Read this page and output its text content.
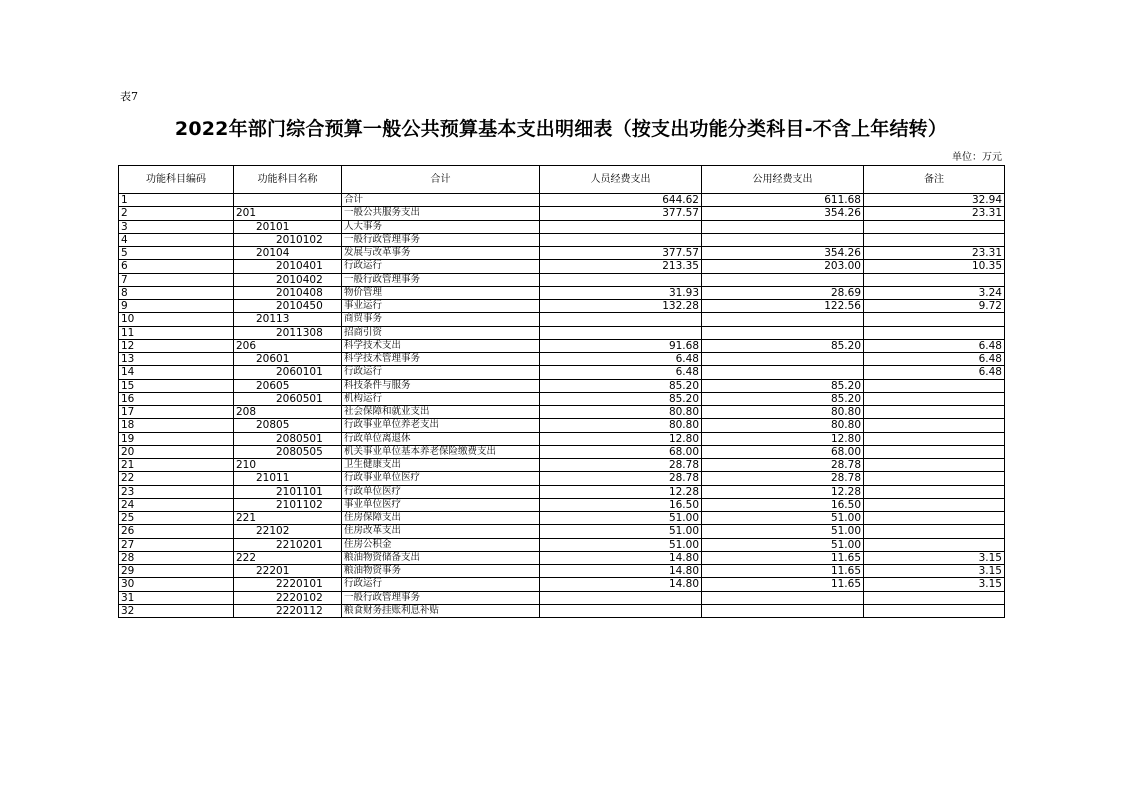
表7
2022年部门综合预算一般公共预算基本支出明细表（按支出功能分类科目-不含上年结转）
单位：万元
功能科目编码	功能科目名称	合计	人员经费支出	公用经费支出	备注
1		合计	644.62	611.68	32.94
2	201	一般公共服务支出	377.57	354.26	23.31
3	20101	人大事务			
4	2010102	一般行政管理事务			
5	20104	发展与改革事务	377.57	354.26	23.31
6	2010401	行政运行	213.35	203.00	10.35
7	2010402	一般行政管理事务			
8	2010408	物价管理	31.93	28.69	3.24
9	2010450	事业运行	132.28	122.56	9.72
10	20113	商贸事务			
11	2011308	招商引资			
12	206	科学技术支出	91.68	85.20	6.48
13	20601	科学技术管理事务	6.48		6.48
14	2060101	行政运行	6.48		6.48
15	20605	科技条件与服务	85.20	85.20	
16	2060501	机构运行	85.20	85.20	
17	208	社会保障和就业支出	80.80	80.80	
18	20805	行政事业单位养老支出	80.80	80.80	
19	2080501	行政单位离退休	12.80	12.80	
20	2080505	机关事业单位基本养老保险缴费支出	68.00	68.00	
21	210	卫生健康支出	28.78	28.78	
22	21011	行政事业单位医疗	28.78	28.78	
23	2101101	行政单位医疗	12.28	12.28	
24	2101102	事业单位医疗	16.50	16.50	
25	221	住房保障支出	51.00	51.00	
26	22102	住房改革支出	51.00	51.00	
27	2210201	住房公积金	51.00	51.00	
28	222	粮油物资储备支出	14.80	11.65	3.15
29	22201	粮油物资事务	14.80	11.65	3.15
30	2220101	行政运行	14.80	11.65	3.15
31	2220102	一般行政管理事务			
32	2220112	粮食财务挂账利息补贴			
